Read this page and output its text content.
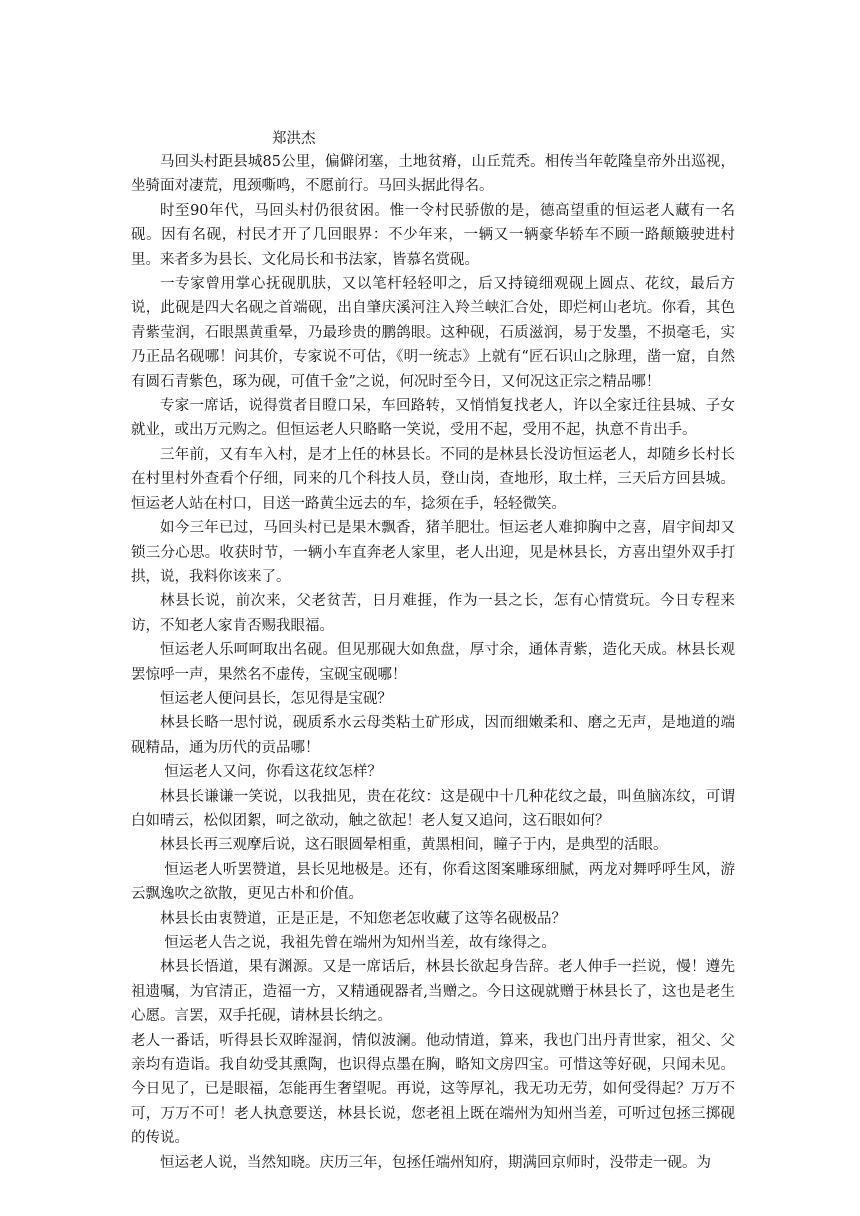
郑洪杰

马回头村距县城85公里，偏僻闭塞，土地贫瘠，山丘荒秃。相传当年乾隆皇帝外出巡视，坐骑面对凄荒，甩颈嘶鸣，不愿前行。马回头据此得名。

时至90年代，马回头村仍很贫困。惟一令村民骄傲的是，德高望重的恒运老人藏有一名砚。因有名砚，村民才开了几回眼界：不少年来，一辆又一辆豪华轿车不顾一路颠簸驶进村里。来者多为县长、文化局长和书法家，皆慕名赏砚。

一专家曾用掌心抚砚肌肤，又以笔杆轻轻叩之，后又持镜细观砚上圆点、花纹，最后方说，此砚是四大名砚之首端砚，出自肇庆溪河注入羚兰峡汇合处，即烂柯山老坑。你看，其色青紫莹润，石眼黑黄重晕，乃最珍贵的鹏鸽眼。这种砚，石质滋润，易于发墨，不损毫毛，实乃正品名砚哪！问其价，专家说不可估，《明一统志》上就有“匠石识山之脉理，凿一窟，自然有圆石青紫色，琢为砚，可值千金”之说，何况时至今日，又何况这正宗之精品哪！

专家一席话，说得赏者目瞪口呆，车回路转，又悄悄复找老人，许以全家迁往县城、子女就业，或出万元购之。但恒运老人只略略一笑说，受用不起，受用不起，执意不肯出手。

三年前，又有车入村，是才上任的林县长。不同的是林县长没访恒运老人，却随乡长村长在村里村外查看个仔细，同来的几个科技人员，登山岗，查地形，取土样，三天后方回县城。恒运老人站在村口，目送一路黄尘远去的车，捻须在手，轻轻微笑。

如今三年已过，马回头村已是果木飘香，猪羊肥壮。恒运老人难抑胸中之喜，眉宇间却又锁三分心思。收获时节，一辆小车直奔老人家里，老人出迎，见是林县长，方喜出望外双手打拱，说，我料你该来了。

林县长说，前次来，父老贫苦，日月难捱，作为一县之长，怎有心情赏玩。今日专程来访，不知老人家肯否赐我眼福。

恒运老人乐呵呵取出名砚。但见那砚大如魚盘，厚寸余，通体青紫，造化天成。林县长观罢惊呼一声，果然名不虚传，宝砚宝砚哪！

恒运老人便问县长，怎见得是宝砚？

林县长略一思忖说，砚质系水云母类粘土矿形成，因而细嫩柔和、磨之无声，是地道的端砚精品，通为历代的贡品哪！

恒运老人又问，你看这花纹怎样？

林县长谦谦一笑说，以我拙见，贵在花纹：这是砚中十几种花纹之最，叫鱼脑冻纹，可谓白如晴云，松似团絮，呵之欲动，触之欲起！老人复又追问，这石眼如何？

林县长再三观摩后说，这石眼圆晕相重，黄黑相间，瞳子于内，是典型的活眼。

恒运老人听罢赞道，县长见地极是。还有，你看这图案雕琢细腻，两龙对舞呼呼生风，游云飘逸吹之欲散，更见古朴和价值。

林县长由衷赞道，正是正是，不知您老怎收藏了这等名砚极品？

恒运老人告之说，我祖先曾在端州为知州当差，故有缘得之。

林县长悟道，果有渊源。又是一席话后，林县长欲起身告辞。老人伸手一拦说，慢！遵先祖遗嘱，为官清正，造福一方，又精通砚器者,当赠之。今日这砚就赠于林县长了，这也是老生心愿。言罢，双手托砚，请林县长纳之。

老人一番话，听得县长双眸湿润，情似波澜。他动情道，算来，我也门出丹青世家，祖父、父亲均有造诣。我自幼受其熏陶，也识得点墨在胸，略知文房四宝。可惜这等好砚，只闻未见。今日见了，已是眼福，怎能再生奢望呢。再说，这等厚礼，我无功无劳，如何受得起？万万不可，万万不可！老人执意要送，林县长说，您老祖上既在端州为知州当差，可听过包拯三掷砚的传说。

恒运老人说，当然知晓。庆历三年，包拯任端州知府，期满回京师时，没带走一砚。为
